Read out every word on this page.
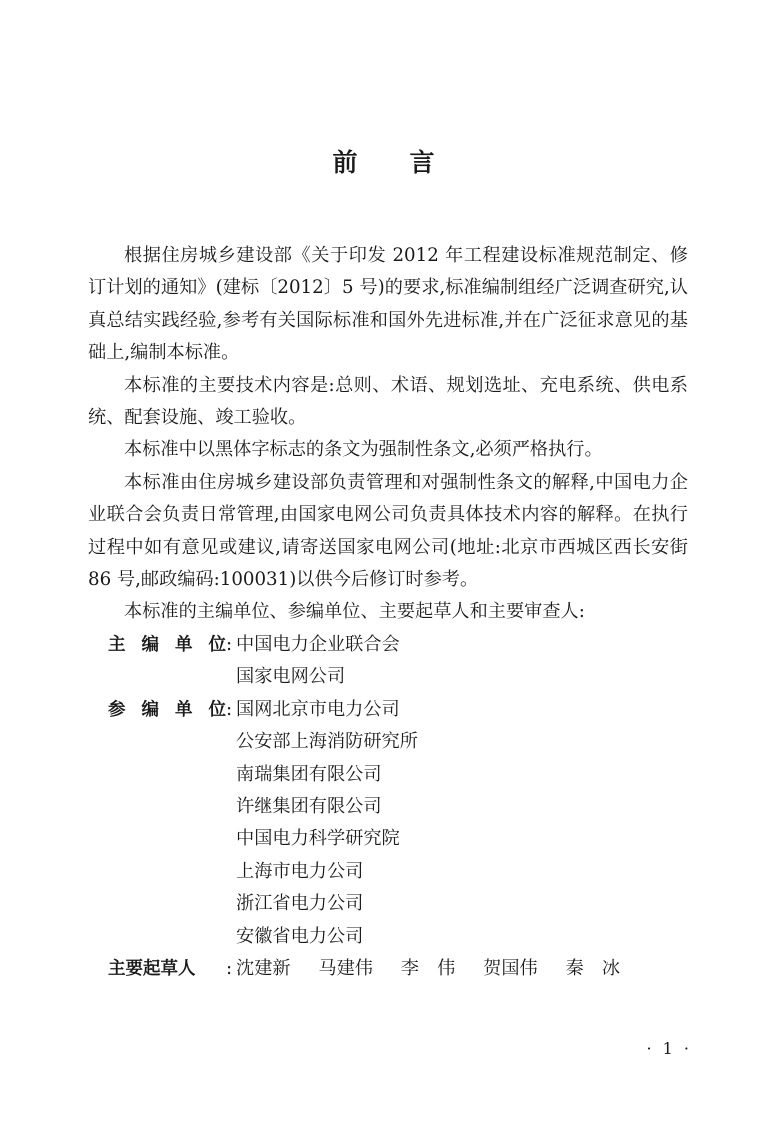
前 言

根据住房城乡建设部《关于印发 2012 年工程建设标准规范制定、修订计划的通知》(建标〔2012〕5 号)的要求,标准编制组经广泛调查研究,认真总结实践经验,参考有关国际标准和国外先进标准,并在广泛征求意见的基础上,编制本标准。

本标准的主要技术内容是:总则、术语、规划选址、充电系统、供电系统、配套设施、竣工验收。

本标准中以黑体字标志的条文为强制性条文,必须严格执行。

本标准由住房城乡建设部负责管理和对强制性条文的解释,中国电力企业联合会负责日常管理,由国家电网公司负责具体技术内容的解释。在执行过程中如有意见或建议,请寄送国家电网公司(地址:北京市西城区西长安街 86 号,邮政编码:100031)以供今后修订时参考。

本标准的主编单位、参编单位、主要起草人和主要审查人:

主 编 单 位 : 中国电力企业联合会
国家电网公司
参 编 单 位 : 国网北京市电力公司
公安部上海消防研究所
南瑞集团有限公司
许继集团有限公司
中国电力科学研究院
上海市电力公司
浙江省电力公司
安徽省电力公司
主要起草人	: 沈建新 马建伟 李　伟 贺国伟 秦　冰
· 1 ·
